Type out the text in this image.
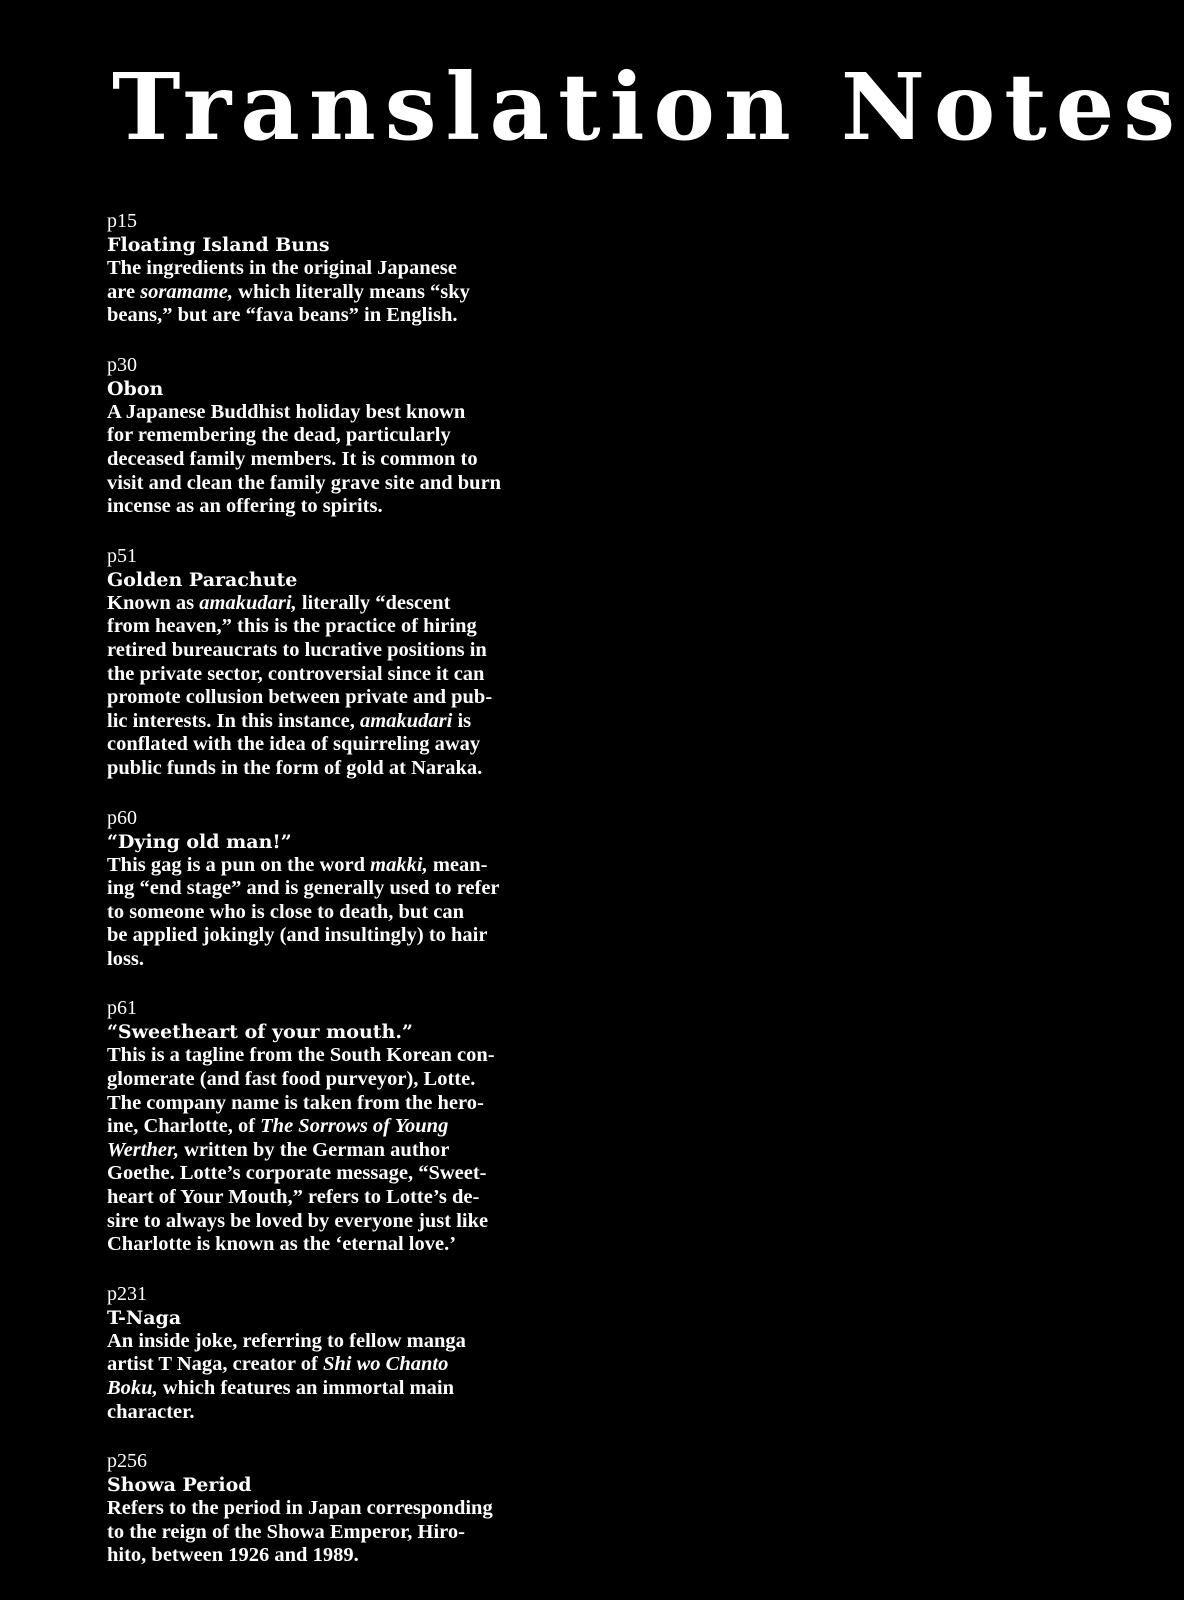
Translation Notes
p15
Floating Island Buns
The ingredients in the original Japanese
are soramame, which literally means “sky
beans,” but are “fava beans” in English.
p30
Obon
A Japanese Buddhist holiday best known
for remembering the dead, particularly
deceased family members. It is common to
visit and clean the family grave site and burn
incense as an offering to spirits.
p51
Golden Parachute
Known as amakudari, literally “descent
from heaven,” this is the practice of hiring
retired bureaucrats to lucrative positions in
the private sector, controversial since it can
promote collusion between private and pub-
lic interests. In this instance, amakudari is
conflated with the idea of squirreling away
public funds in the form of gold at Naraka.
p60
“Dying old man!”
This gag is a pun on the word makki, mean-
ing “end stage” and is generally used to refer
to someone who is close to death, but can
be applied jokingly (and insultingly) to hair
loss.
p61
“Sweetheart of your mouth.”
This is a tagline from the South Korean con-
glomerate (and fast food purveyor), Lotte.
The company name is taken from the hero-
ine, Charlotte, of The Sorrows of Young
Werther, written by the German author
Goethe. Lotte’s corporate message, “Sweet-
heart of Your Mouth,” refers to Lotte’s de-
sire to always be loved by everyone just like
Charlotte is known as the ‘eternal love.’
p231
T-Naga
An inside joke, referring to fellow manga
artist T Naga, creator of Shi wo Chanto
Boku, which features an immortal main
character.
p256
Showa Period
Refers to the period in Japan corresponding
to the reign of the Showa Emperor, Hiro-
hito, between 1926 and 1989.
